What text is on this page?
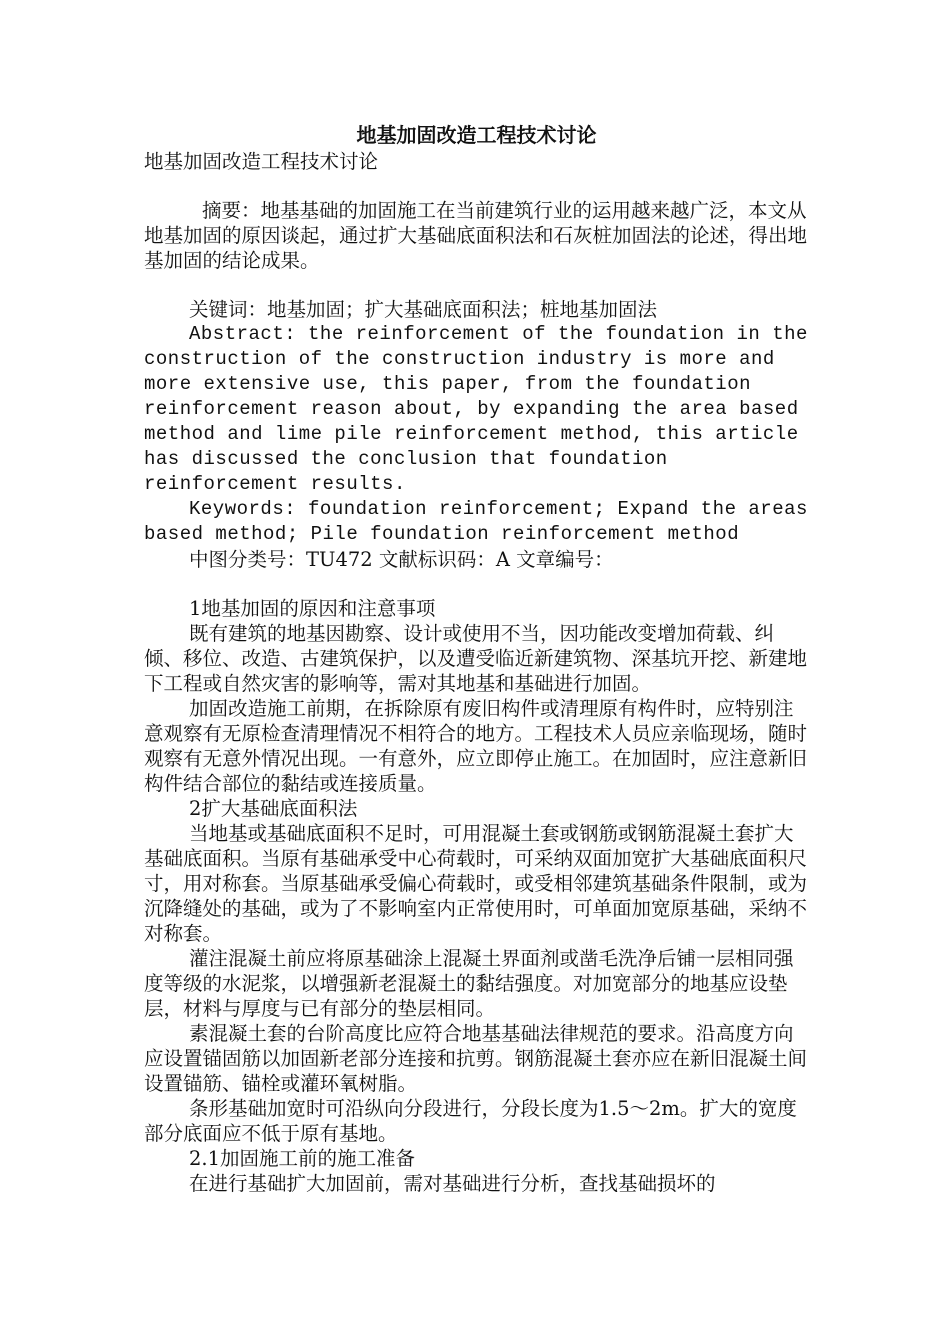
地基加固改造工程技术讨论

地基加固改造工程技术讨论

摘要：地基基础的加固施工在当前建筑行业的运用越来越广泛，本文从地基加固的原因谈起，通过扩大基础底面积法和石灰桩加固法的论述，得出地基加固的结论成果。

关键词：地基加固；扩大基础底面积法；桩地基加固法

Abstract: the reinforcement of the foundation in the construction of the construction industry is more and more extensive use, this paper, from the foundation reinforcement reason about, by expanding the area based method and lime pile reinforcement method, this article has discussed the conclusion that foundation reinforcement results.

Keywords: foundation reinforcement; Expand the areas based method; Pile foundation reinforcement method

中图分类号：TU472 文献标识码：A 文章编号：

1地基加固的原因和注意事项

既有建筑的地基因勘察、设计或使用不当，因功能改变增加荷载、纠倾、移位、改造、古建筑保护，以及遭受临近新建筑物、深基坑开挖、新建地下工程或自然灾害的影响等，需对其地基和基础进行加固。

加固改造施工前期，在拆除原有废旧构件或清理原有构件时，应特别注意观察有无原检查清理情况不相符合的地方。工程技术人员应亲临现场，随时观察有无意外情况出现。一有意外，应立即停止施工。在加固时，应注意新旧构件结合部位的黏结或连接质量。

2扩大基础底面积法

当地基或基础底面积不足时，可用混凝土套或钢筋或钢筋混凝土套扩大基础底面积。当原有基础承受中心荷载时，可采纳双面加宽扩大基础底面积尺寸，用对称套。当原基础承受偏心荷载时，或受相邻建筑基础条件限制，或为沉降缝处的基础，或为了不影响室内正常使用时，可单面加宽原基础，采纳不对称套。

灌注混凝土前应将原基础涂上混凝土界面剂或凿毛洗净后铺一层相同强度等级的水泥浆，以增强新老混凝土的黏结强度。对加宽部分的地基应设垫层，材料与厚度与已有部分的垫层相同。

素混凝土套的台阶高度比应符合地基基础法律规范的要求。沿高度方向应设置锚固筋以加固新老部分连接和抗剪。钢筋混凝土套亦应在新旧混凝土间设置锚筋、锚栓或灌环氧树脂。

条形基础加宽时可沿纵向分段进行，分段长度为1.5～2m。扩大的宽度部分底面应不低于原有基地。

2.1加固施工前的施工准备

在进行基础扩大加固前，需对基础进行分析，查找基础损坏的
